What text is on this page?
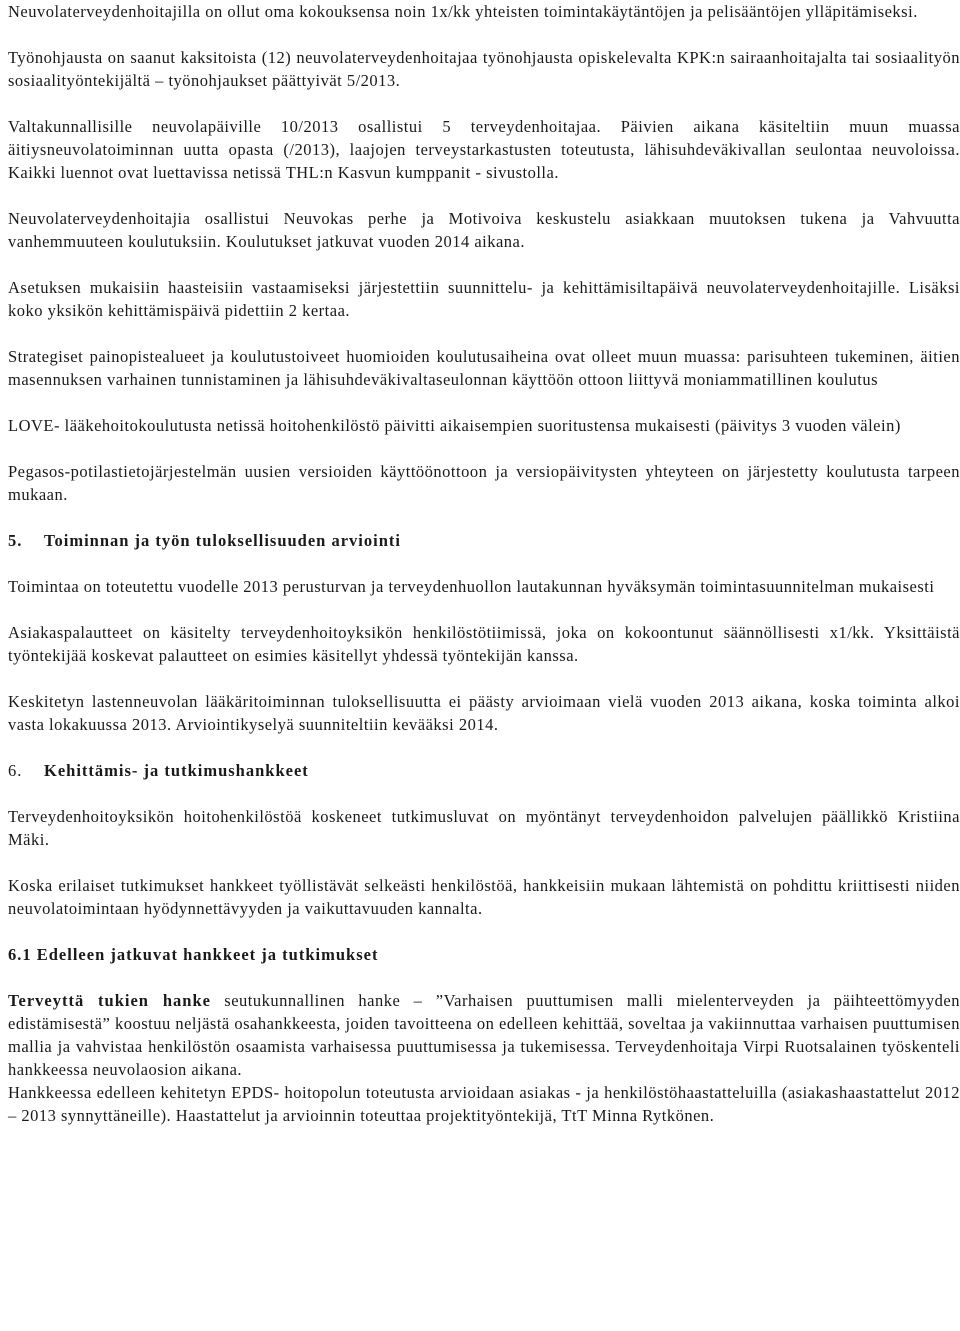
Neuvolaterveydenhoitajilla on ollut oma kokouksensa noin 1x/kk yhteisten toimintakäytäntöjen ja pelisääntöjen ylläpitämiseksi.

Työnohjausta on saanut kaksitoista (12) neuvolaterveydenhoitajaa työnohjausta opiskelevalta KPK:n sairaanhoitajalta tai sosiaalityön sosiaalityöntekijältä – työnohjaukset päättyivät 5/2013.

Valtakunnallisille neuvolapäiville 10/2013 osallistui 5 terveydenhoitajaa. Päivien aikana käsiteltiin muun muassa äitiysneuvolatoiminnan uutta opasta (/2013), laajojen terveystarkastusten toteutusta, lähisuhdeväkivallan seulontaa neuvoloissa. Kaikki luennot ovat luettavissa netissä THL:n Kasvun kumppanit - sivustolla.

Neuvolaterveydenhoitajia osallistui Neuvokas perhe ja Motivoiva keskustelu asiakkaan muutoksen tukena ja Vahvuutta vanhemmuuteen koulutuksiin. Koulutukset jatkuvat vuoden 2014 aikana.

Asetuksen mukaisiin haasteisiin vastaamiseksi järjestettiin suunnittelu- ja kehittämisiltapäivä neuvolaterveydenhoitajille. Lisäksi koko yksikön kehittämispäivä pidettiin 2 kertaa.

Strategiset painopistealueet ja koulutustoiveet huomioiden koulutusaiheina ovat olleet muun muassa: parisuhteen tukeminen, äitien masennuksen varhainen tunnistaminen ja lähisuhdeväkivaltaseulonnan käyttöön ottoon liittyvä moniammatillinen koulutus

LOVE- lääkehoitokoulutusta netissä hoitohenkilöstö päivitti aikaisempien suoritustensa mukaisesti (päivitys 3 vuoden välein)

Pegasos-potilastietojärjestelmän uusien versioiden käyttöönottoon ja versiopäivitysten yhteyteen on järjestetty koulutusta tarpeen mukaan.

5. Toiminnan ja työn tuloksellisuuden arviointi

Toimintaa on toteutettu vuodelle 2013 perusturvan ja terveydenhuollon lautakunnan hyväksymän toimintasuunnitelman mukaisesti

Asiakaspalautteet on käsitelty terveydenhoitoyksikön henkilöstötiimissä, joka on kokoontunut säännöllisesti x1/kk. Yksittäistä työntekijää koskevat palautteet on esimies käsitellyt yhdessä työntekijän kanssa.

Keskitetyn lastenneuvolan lääkäritoiminnan tuloksellisuutta ei päästy arvioimaan vielä vuoden 2013 aikana, koska toiminta alkoi vasta lokakuussa 2013. Arviointikyselyä suunniteltiin kevääksi 2014.

6. Kehittämis- ja tutkimushankkeet

Terveydenhoitoyksikön hoitohenkilöstöä koskeneet tutkimusluvat on myöntänyt terveydenhoidon palvelujen päällikkö Kristiina Mäki.

Koska erilaiset tutkimukset hankkeet työllistävät selkeästi henkilöstöä, hankkeisiin mukaan lähtemistä on pohdittu kriittisesti niiden neuvolatoimintaan hyödynnettävyyden ja vaikuttavuuden kannalta.

6.1 Edelleen jatkuvat hankkeet ja tutkimukset

Terveyttä tukien hanke seutukunnallinen hanke – ”Varhaisen puuttumisen malli mielenterveyden ja päihteettömyyden edistämisestä” koostuu neljästä osahankkeesta, joiden tavoitteena on edelleen kehittää, soveltaa ja vakiinnuttaa varhaisen puuttumisen mallia ja vahvistaa henkilöstön osaamista varhaisessa puuttumisessa ja tukemisessa. Terveydenhoitaja Virpi Ruotsalainen työskenteli hankkeessa neuvolaosion aikana.

Hankkeessa edelleen kehitetyn EPDS- hoitopolun toteutusta arvioidaan asiakas - ja henkilöstöhaastatteluilla (asiakashaastattelut 2012 – 2013 synnyttäneille). Haastattelut ja arvioinnin toteuttaa projektityöntekijä, TtT Minna Rytkönen.
